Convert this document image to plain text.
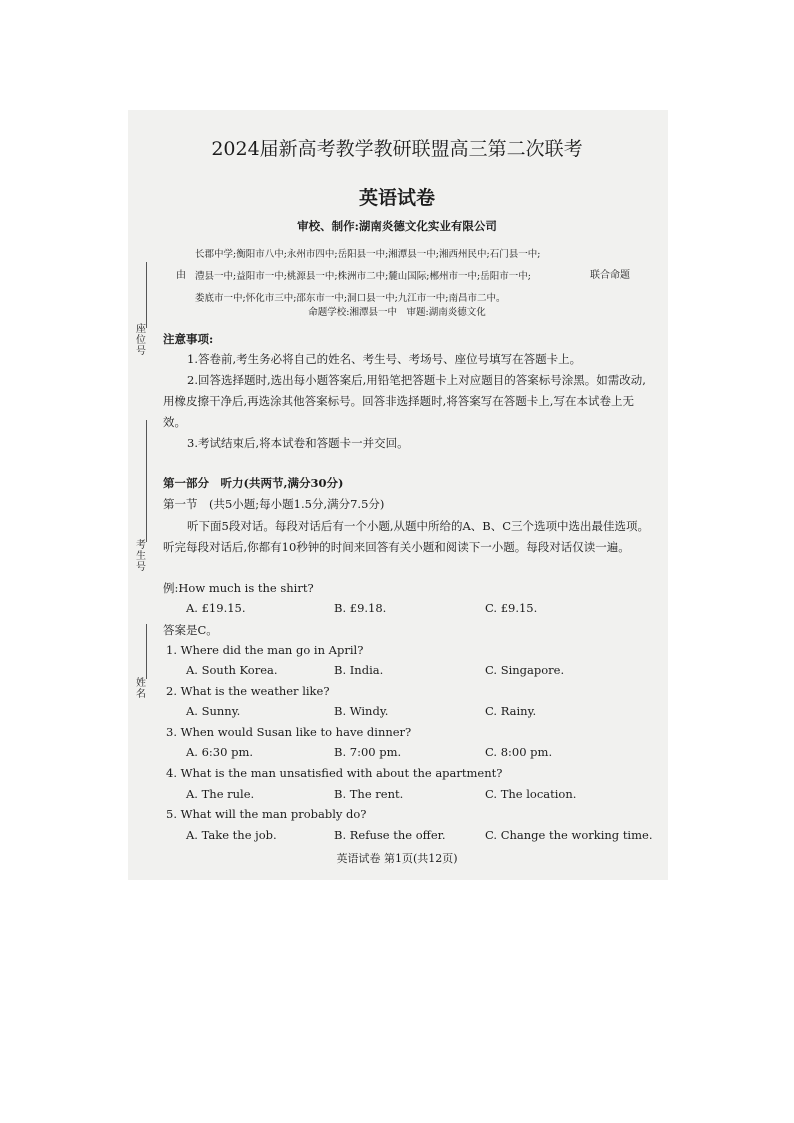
2024届新高考教学教研联盟高三第二次联考
英语试卷
审校、制作:湖南炎德文化实业有限公司
长郡中学;衡阳市八中;永州市四中;岳阳县一中;湘潭县一中;湘西州民中;石门县一中;
澧县一中;益阳市一中;桃源县一中;株洲市二中;麓山国际;郴州市一中;岳阳市一中;
娄底市一中;怀化市三中;邵东市一中;洞口县一中;九江市一中;南昌市二中。
由	联合命题
命题学校:湘潭县一中　审题:湖南炎德文化
座位号
考生号
姓名
注意事项:
1.答卷前,考生务必将自己的姓名、考生号、考场号、座位号填写在答题卡上。
2.回答选择题时,选出每小题答案后,用铅笔把答题卡上对应题目的答案标号涂黑。如需改动,用橡皮擦干净后,再选涂其他答案标号。回答非选择题时,将答案写在答题卡上,写在本试卷上无效。
3.考试结束后,将本试卷和答题卡一并交回。
第一部分　听力(共两节,满分30分)
第一节　(共5小题;每小题1.5分,满分7.5分)
听下面5段对话。每段对话后有一个小题,从题中所给的A、B、C三个选项中选出最佳选项。听完每段对话后,你都有10秒钟的时间来回答有关小题和阅读下一小题。每段对话仅读一遍。
例:How much is the shirt?
A. £19.15.	B. £9.18.	C. £9.15.
答案是C。
1. Where did the man go in April?
A. South Korea.	B. India.	C. Singapore.
2. What is the weather like?
A. Sunny.	B. Windy.	C. Rainy.
3. When would Susan like to have dinner?
A. 6:30 pm.	B. 7:00 pm.	C. 8:00 pm.
4. What is the man unsatisfied with about the apartment?
A. The rule.	B. The rent.	C. The location.
5. What will the man probably do?
A. Take the job.	B. Refuse the offer.	C. Change the working time.
英语试卷 第1页(共12页)
